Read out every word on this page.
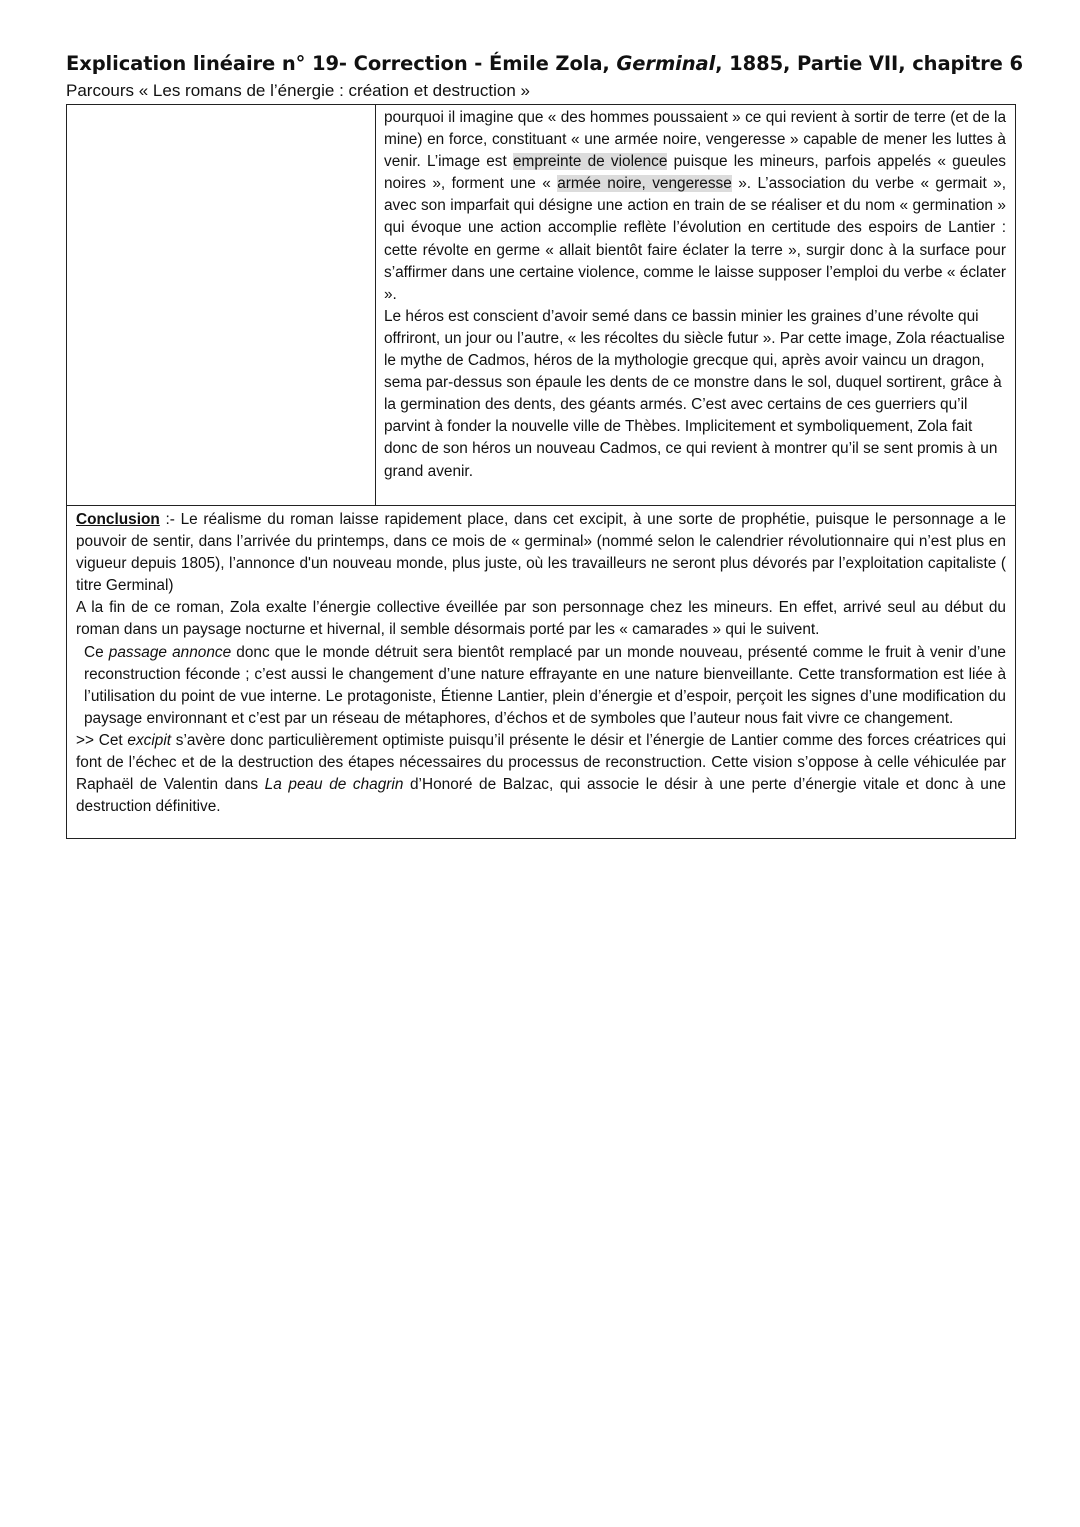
Explication linéaire n° 19- Correction - Émile Zola, Germinal, 1885, Partie VII, chapitre 6
Parcours « Les romans de l’énergie : création et destruction »

pourquoi il imagine que « des hommes poussaient » ce qui revient à sortir de terre (et de la mine) en force, constituant « une armée noire, vengeresse » capable de mener les luttes à venir. L’image est empreinte de violence puisque les mineurs, parfois appelés « gueules noires », forment une « armée noire, vengeresse ». L’association du verbe « germait », avec son imparfait qui désigne une action en train de se réaliser et du nom « germination » qui évoque une action accomplie reflète l’évolution en certitude des espoirs de Lantier : cette révolte en germe « allait bientôt faire éclater la terre », surgir donc à la surface pour s’affirmer dans une certaine violence, comme le laisse supposer l’emploi du verbe « éclater ».

Le héros est conscient d’avoir semé dans ce bassin minier les graines d’une révolte qui offriront, un jour ou l’autre, « les récoltes du siècle futur ». Par cette image, Zola réactualise le mythe de Cadmos, héros de la mythologie grecque qui, après avoir vaincu un dragon, sema par-dessus son épaule les dents de ce monstre dans le sol, duquel sortirent, grâce à la germination des dents, des géants armés. C’est avec certains de ces guerriers qu’il parvint à fonder la nouvelle ville de Thèbes. Implicitement et symboliquement, Zola fait donc de son héros un nouveau Cadmos, ce qui revient à montrer qu’il se sent promis à un grand avenir.

Conclusion :- Le réalisme du roman laisse rapidement place, dans cet excipit, à une sorte de prophétie, puisque le personnage a le pouvoir de sentir, dans l’arrivée du printemps, dans ce mois de « germinal» (nommé selon le calendrier révolutionnaire qui n’est plus en vigueur depuis 1805), l’annonce d'un nouveau monde, plus juste, où les travailleurs ne seront plus dévorés par l’exploitation capitaliste ( titre Germinal)

A la fin de ce roman, Zola exalte l’énergie collective éveillée par son personnage chez les mineurs. En effet, arrivé seul au début du roman dans un paysage nocturne et hivernal, il semble désormais porté par les « camarades » qui le suivent.

Ce passage annonce donc que le monde détruit sera bientôt remplacé par un monde nouveau, présenté comme le fruit à venir d’une reconstruction féconde ; c’est aussi le changement d’une nature effrayante en une nature bienveillante. Cette transformation est liée à l’utilisation du point de vue interne. Le protagoniste, Étienne Lantier, plein d’énergie et d’espoir, perçoit les signes d’une modification du paysage environnant et c’est par un réseau de métaphores, d’échos et de symboles que l’auteur nous fait vivre ce changement.

>> Cet excipit s’avère donc particulièrement optimiste puisqu’il présente le désir et l’énergie de Lantier comme des forces créatrices qui font de l’échec et de la destruction des étapes nécessaires du processus de reconstruction. Cette vision s’oppose à celle véhiculée par Raphaël de Valentin dans La peau de chagrin d’Honoré de Balzac, qui associe le désir à une perte d’énergie vitale et donc à une destruction définitive.
